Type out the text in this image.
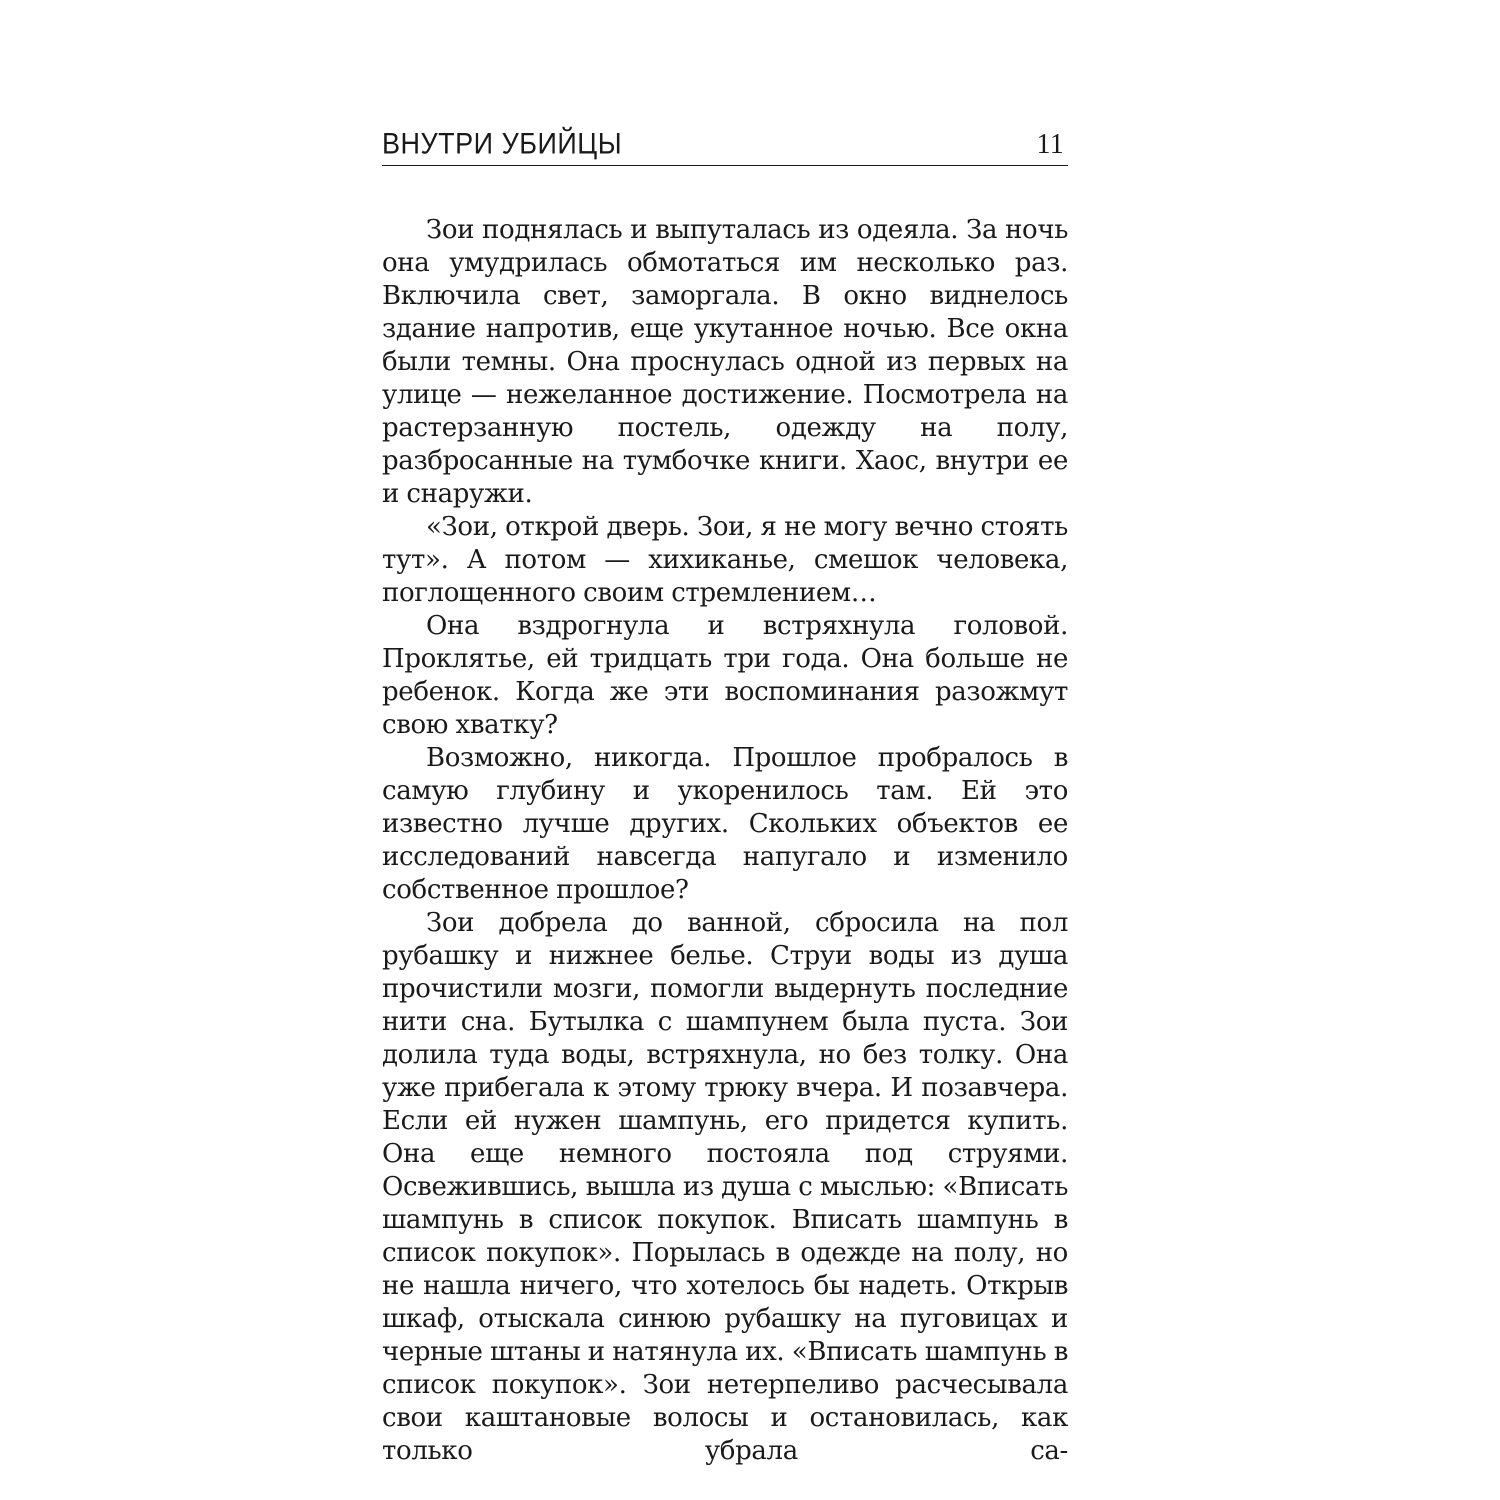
ВНУТРИ УБИЙЦЫ	11

Зои поднялась и выпуталась из одеяла. За ночь она умудрилась обмотаться им несколько раз. Включила свет, заморгала. В окно виднелось здание напротив, еще укутанное ночью. Все окна были темны. Она проснулась одной из первых на улице — нежеланное достижение. Посмотрела на растерзанную постель, одежду на полу, разбросанные на тумбочке книги. Хаос, внутри ее и снаружи.

«Зои, открой дверь. Зои, я не могу вечно стоять тут». А потом — хихиканье, смешок человека, поглощенного своим стремлением…

Она вздрогнула и встряхнула головой. Проклятье, ей тридцать три года. Она больше не ребенок. Когда же эти воспоминания разожмут свою хватку?

Возможно, никогда. Прошлое пробралось в самую глубину и укоренилось там. Ей это известно лучше других. Скольких объектов ее исследований навсегда напугало и изменило собственное прошлое?

Зои добрела до ванной, сбросила на пол рубашку и нижнее белье. Струи воды из душа прочистили мозги, помогли выдернуть последние нити сна. Бутылка с шампунем была пуста. Зои долила туда воды, встряхнула, но без толку. Она уже прибегала к этому трюку вчера. И позавчера. Если ей нужен шампунь, его придется купить. Она еще немного постояла под струями. Освежившись, вышла из душа с мыслью: «Вписать шампунь в список покупок. Вписать шампунь в список покупок». Порылась в одежде на полу, но не нашла ничего, что хотелось бы надеть. Открыв шкаф, отыскала синюю рубашку на пуговицах и черные штаны и натянула их. «Вписать шампунь в список покупок». Зои нетерпеливо расчесывала свои каштановые волосы и остановилась, как только убрала са-
